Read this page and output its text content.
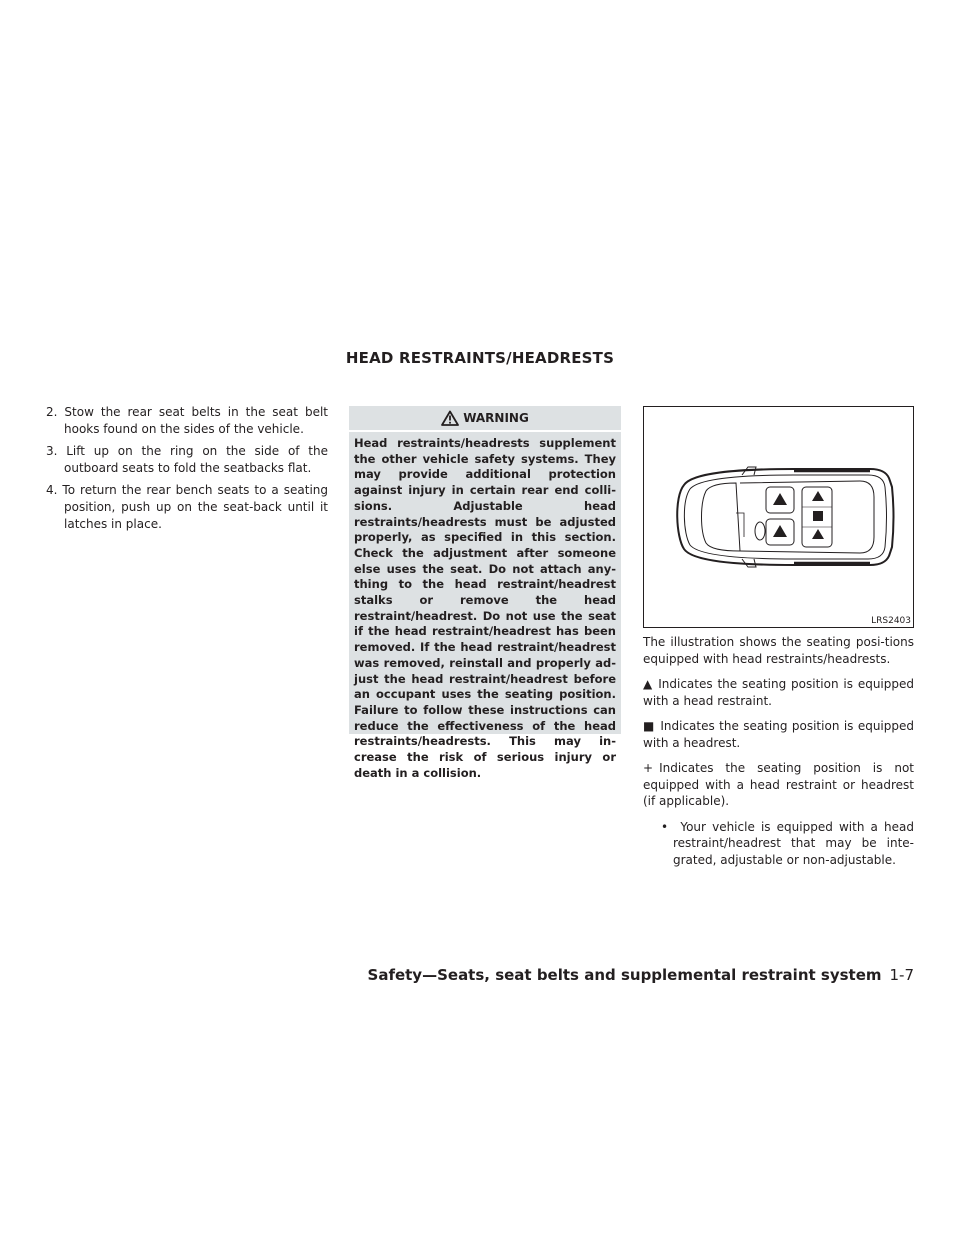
HEAD RESTRAINTS/HEADRESTS

2. Stow the rear seat belts in the seat belt hooks found on the sides of the vehicle.

3. Lift up on the ring on the side of the outboard seats to fold the seatbacks flat.

4. To return the rear bench seats to a seating position, push up on the seat-back until it latches in place.

WARNING
Head restraints/headrests supplement the other vehicle safety systems. They may provide additional protection against injury in certain rear end colli-sions. Adjustable head restraints/headrests must be adjusted properly, as specified in this section. Check the adjustment after someone else uses the seat. Do not attach any-thing to the head restraint/headrest stalks or remove the head restraint/headrest. Do not use the seat if the head restraint/headrest has been removed. If the head restraint/headrest was removed, reinstall and properly ad-just the head restraint/headrest before an occupant uses the seating position. Failure to follow these instructions can reduce the effectiveness of the head restraints/headrests. This may in-crease the risk of serious injury or death in a collision.
LRS2403

The illustration shows the seating posi-tions equipped with head restraints/headrests.

▲ Indicates the seating position is equipped with a head restraint.

■ Indicates the seating position is equipped with a headrest.

+ Indicates the seating position is not equipped with a head restraint or headrest (if applicable).

•  Your vehicle is equipped with a head restraint/headrest that may be inte-grated, adjustable or non-adjustable.

Safety—Seats, seat belts and supplemental restraint system 1-7
